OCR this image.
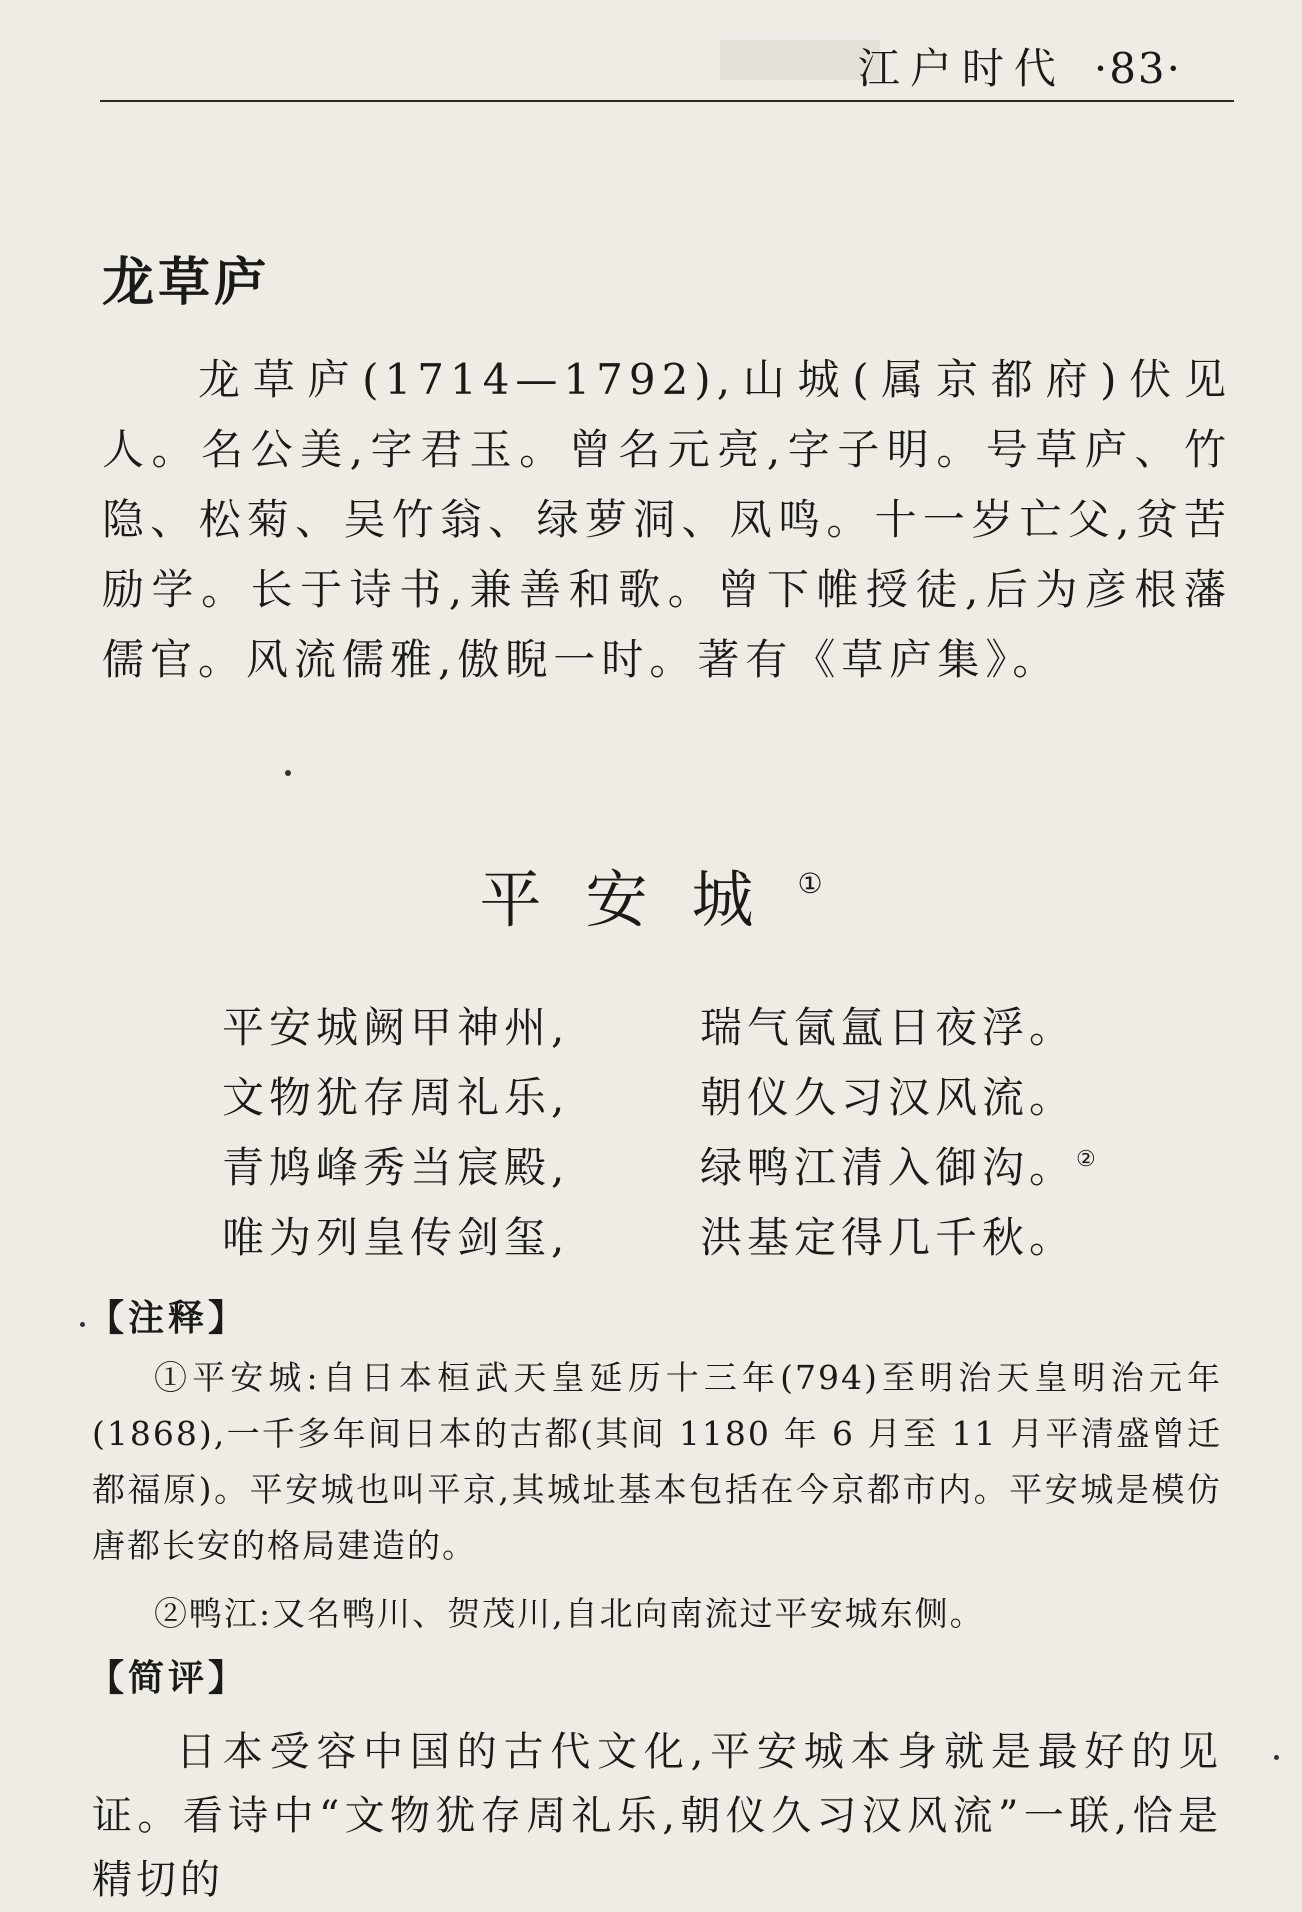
江户时代 ·83·
龙草庐

龙草庐(1714—1792),山城(属京都府)伏见人。名公美,字君玉。曾名元亮,字子明。号草庐、竹隐、松菊、吴竹翁、绿萝洞、凤鸣。十一岁亡父,贫苦励学。长于诗书,兼善和歌。曾下帷授徒,后为彦根藩儒官。风流儒雅,傲睨一时。著有《草庐集》。

平安城①
平安城阙甲神州,	瑞气氤氲日夜浮。
文物犹存周礼乐,	朝仪久习汉风流。
青鸠峰秀当宸殿,	绿鸭江清入御沟。②
唯为列皇传剑玺,	洪基定得几千秋。
【注释】

①平安城:自日本桓武天皇延历十三年(794)至明治天皇明治元年(1868),一千多年间日本的古都(其间 1180 年 6 月至 11 月平清盛曾迁都福原)。平安城也叫平京,其城址基本包括在今京都市内。平安城是模仿唐都长安的格局建造的。

②鸭江:又名鸭川、贺茂川,自北向南流过平安城东侧。

【简评】

日本受容中国的古代文化,平安城本身就是最好的见证。看诗中“文物犹存周礼乐,朝仪久习汉风流”一联,恰是精切的
